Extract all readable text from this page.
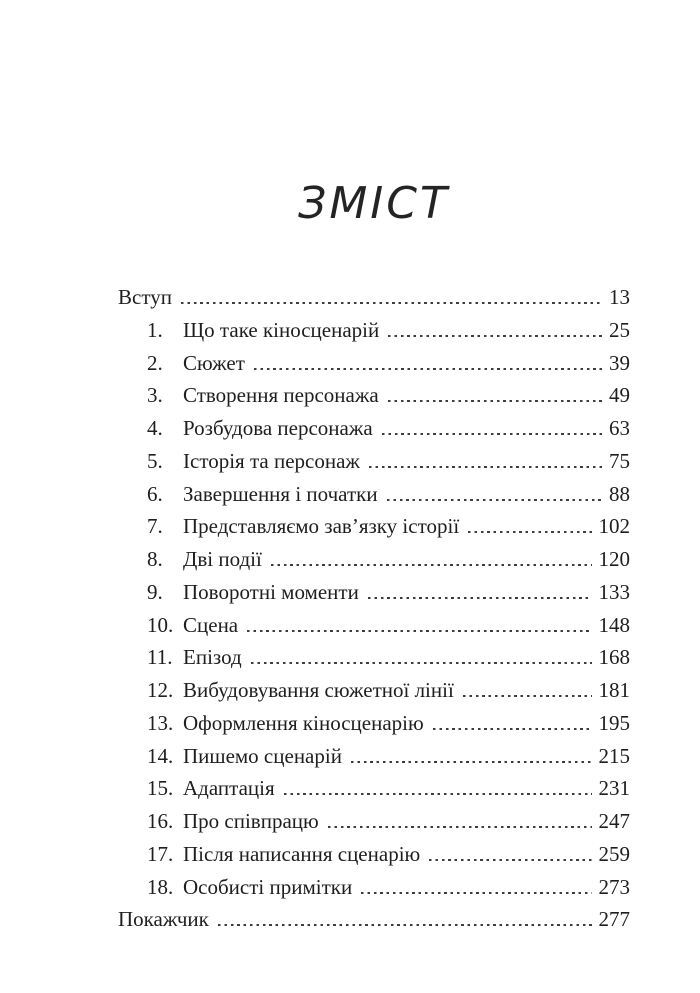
ЗМІСТ
Вступ	13
1. Що таке кіносценарій	25
2. Сюжет	39
3. Створення персонажа	49
4. Розбудова персонажа	63
5. Історія та персонаж	75
6. Завершення і початки	88
7. Представляємо зав’язку історії	102
8. Дві події	120
9. Поворотні моменти	133
10. Сцена	148
11. Епізод	168
12. Вибудовування сюжетної лінії	181
13. Оформлення кіносценарію	195
14. Пишемо сценарій	215
15. Адаптація	231
16. Про співпрацю	247
17. Після написання сценарію	259
18. Особисті примітки	273
Покажчик	277
